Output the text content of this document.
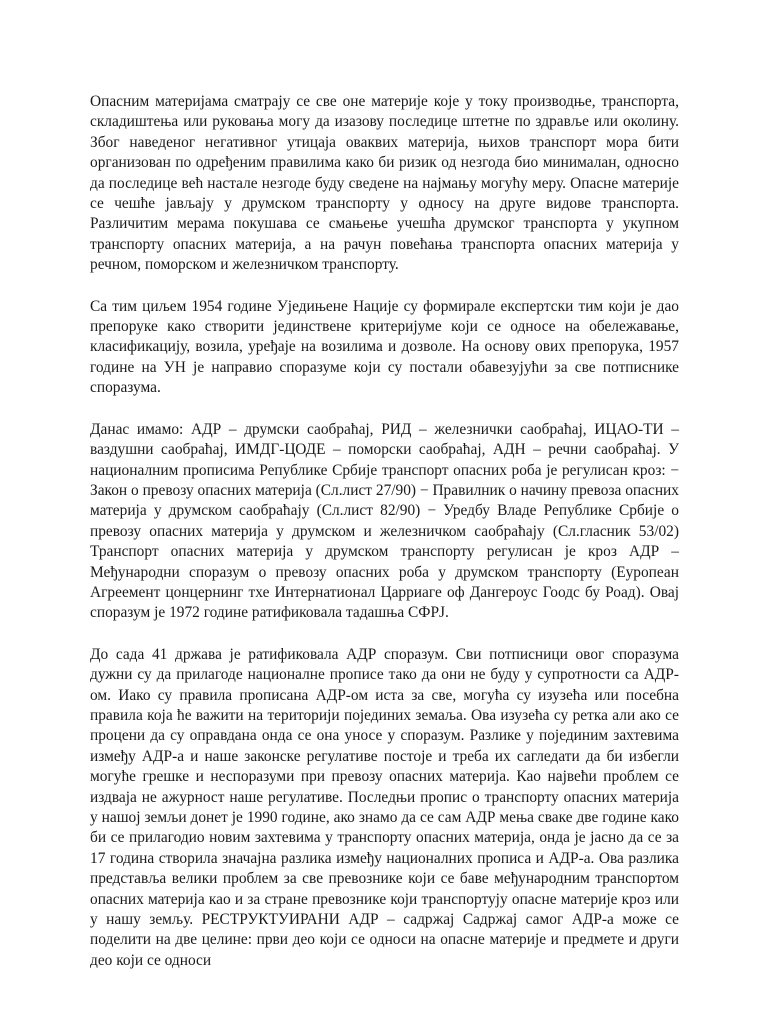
Опасним материјама сматрају се све оне материје које у току производње, транспорта, складиштења или руковања могу да изазову последице штетне по здравље или околину. Због наведеног негативног утицаја оваквих материја, њихов транспорт мора бити организован по одређеним правилима како би ризик од незгода био минималан, односно да последице већ настале незгоде буду сведене на најмању могућу меру. Опасне материје се чешће јављају у друмском транспорту у односу на друге видове транспорта. Различитим мерама покушава се смањење учешћа друмског транспорта у укупном транспорту опасних материја, а на рачун повећања транспорта опасних материја у речном, поморском и железничком транспорту.

Са тим циљем 1954 године Уједињене Нације су формирале експертски тим који је дао препоруке како створити јединствене критеријуме који се односе на обележавање, класификацију, возила, уређаје на возилима и дозволе. На основу ових препорука, 1957 године на УН је направио споразуме који су постали обавезујући за све потписнике споразума.

Данас имамо: АДР – друмски саобраћај, РИД – железнички саобраћај, ИЦАО-ТИ – ваздушни саобраћај, ИМДГ-ЦОДЕ – поморски саобраћај, АДН – речни саобраћај. У националним прописима Републике Србије транспорт опасних роба је регулисан кроз: − Закон о превозу опасних материја (Сл.лист 27/90) − Правилник о начину превоза опасних материја у друмском саобраћају (Сл.лист 82/90) − Уредбу Владе Републике Србије о превозу опасних материја у друмском и железничком саобраћају (Сл.гласник 53/02) Транспорт опасних материја у друмском транспорту регулисан је кроз АДР – Међународни споразум о превозу опасних роба у друмском транспорту (Еуропеан Агреемент цонцернинг тхе Интернатионал Царриаге оф Дангероус Гоодс бу Роад). Овај споразум је 1972 године ратификовала тадашња СФРЈ.

До сада 41 држава је ратификовала АДР споразум. Сви потписници овог споразума дужни су да прилагоде националне прописе тако да они не буду у супротности са АДР-ом. Иако су правила прописана АДР-ом иста за све, могућа су изузећа или посебна правила која ће важити на територији појединих земаља. Ова изузећа су ретка али ако се процени да су оправдана онда се она уносе у споразум. Разлике у појединим захтевима између АДР-а и наше законске регулативе постоје и треба их сагледати да би избегли могуће грешке и неспоразуми при превозу опасних материја. Као највећи проблем се издваја не ажурност наше регулативе. Последњи пропис о транспорту опасних материја у нашој земљи донет је 1990 године, ако знамо да се сам АДР мења сваке две године како би се прилагодио новим захтевима у транспорту опасних материја, онда је јасно да се за 17 година створила значајна разлика између националних прописа и АДР-а. Ова разлика представља велики проблем за све превознике који се баве међународним транспортом опасних материја као и за стране превознике који транспортују опасне материје кроз или у нашу земљу. РЕСТРУКТУИРАНИ АДР – садржај Садржај самог АДР-а може се поделити на две целине: први део који се односи на опасне материје и предмете и други део који се односи
